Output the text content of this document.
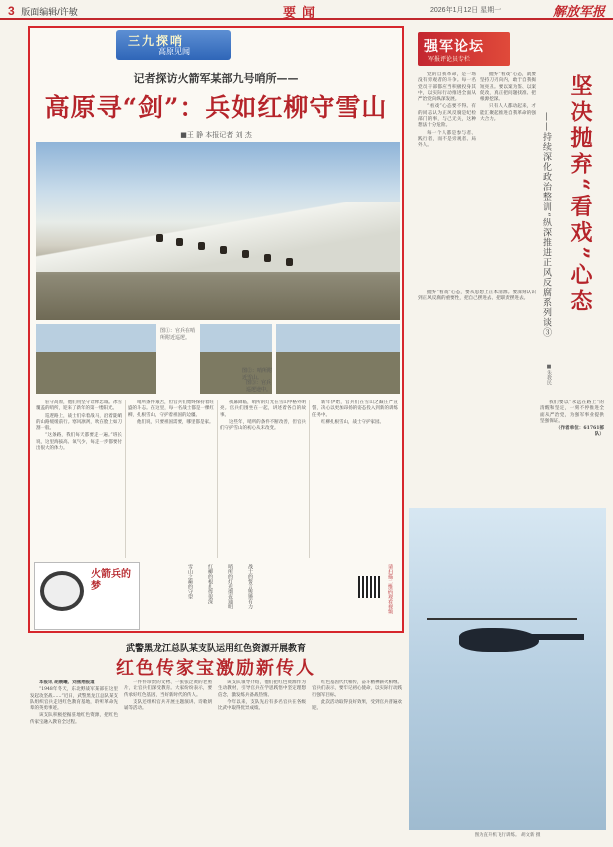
3 版面编辑/许敏	要闻	2026年1月12日 星期一	解放军报
三九探哨
高原见闻
记者探访火箭军某部九号哨所——
高原寻“剑”：兵如红柳守雪山
■王 静 本报记者 刘 杰
图①：官兵在哨所附近巡逻。
图②：哨所附近雪山。
图③：官兵巡逻途中。

驻守高原，他们用坚守诠释忠诚。冰雪覆盖的哨所，迎来了新年的第一缕阳光。

巡逻路上，战士们牵着战马，沿着陡峭的山路缓缓前行。寒风凛冽，吹在脸上如刀割一般。

“这条路，我们每天都要走一遍。”班长说，这里海拔高、氧气少，每走一步都要付出很大的体力。

哨所条件艰苦，但官兵们始终保持着旺盛的斗志。在这里，每一名战士都是一棵红柳，扎根雪山，守护着祖国的边疆。

他们说，只要祖国需要，哪里都是家。

夜幕降临，哨所的灯光在雪山中格外明亮。官兵们围坐在一起，讲述着各自的故事。

这些年，哨所的条件不断改善，但官兵们守护雪山的初心从未改变。

新年伊始，官兵们在雪山之巅庄严宣誓，决心以更加昂扬的姿态投入到新的训练任务中。

红柳扎根雪山，战士守护家园。

火箭兵的梦	雪山之巅的守望	红柳的根扎得很深	哨所的灯光彻夜通明	战士的誓言铿锵有力	请扫描二维码观看视频
强军论坛
军报评论员专栏
坚决抛弃“看戏”心态
——持续深化政治整训“纵深推进正风反腐系列谈③
■朱教民

党的自我革命，是一场没有旁观者的斗争。每一名党员干部都应当积极投身其中，以实际行动推进全面从严治党向纵深发展。

“看戏”心态要不得。有的同志认为正风反腐是纪检部门的事，与己无关，这种想法十分危险。

每一个人都是参与者、践行者，而不是旁观者、局外人。

抛弃“看戏”心态，就要坚持刀刃向内，敢于自我揭短亮丑。要以案为鉴、以案促改，真正把问题找准、把根源挖深。

只有人人都动起来，才能汇聚起推进自我革命的强大合力。

抛弃“看戏”心态，要从思想上正本清源。要深刻认识到正风反腐的重要性，把自己摆进去、把职责摆进去。

我们要以“永远在路上”的清醒和坚定，一刻不停推进全面从严治党，为强军事业提供坚强保证。

（作者单位：61761部队）

图为直升机飞行训练。 胡文新 摄
武警黑龙江总队某支队运用红色资源开展教育
红色传家宝激励新传人

本报讯 胡晨曦、刘燕翔报道

“1948年冬天，东北野战军某部在这里发起攻坚战……”近日，武警黑龙江总队某支队组织官兵走进红色教育基地，聆听革命先辈的英勇事迹。

该支队积极挖掘驻地红色资源，把红色传家宝融入教育全过程。

一件件珍贵的文物、一张张泛黄的老照片，让官兵们深受教育。大家纷纷表示，要传承好红色基因，当好新时代的传人。

支队还组织官兵开展主题演讲、诗歌朗诵等活动。

该支队领导介绍，他们把红色资源作为生动教材，引导官兵在学思践悟中坚定理想信念，激发练兵备战热情。

今年以来，支队先后有多名官兵在各级比武中取得优异成绩。

红色基因代代相传，奋斗精神薪火相继。官兵们表示，要牢记初心使命，以实际行动践行强军目标。

此次活动取得良好效果，受到官兵普遍欢迎。
